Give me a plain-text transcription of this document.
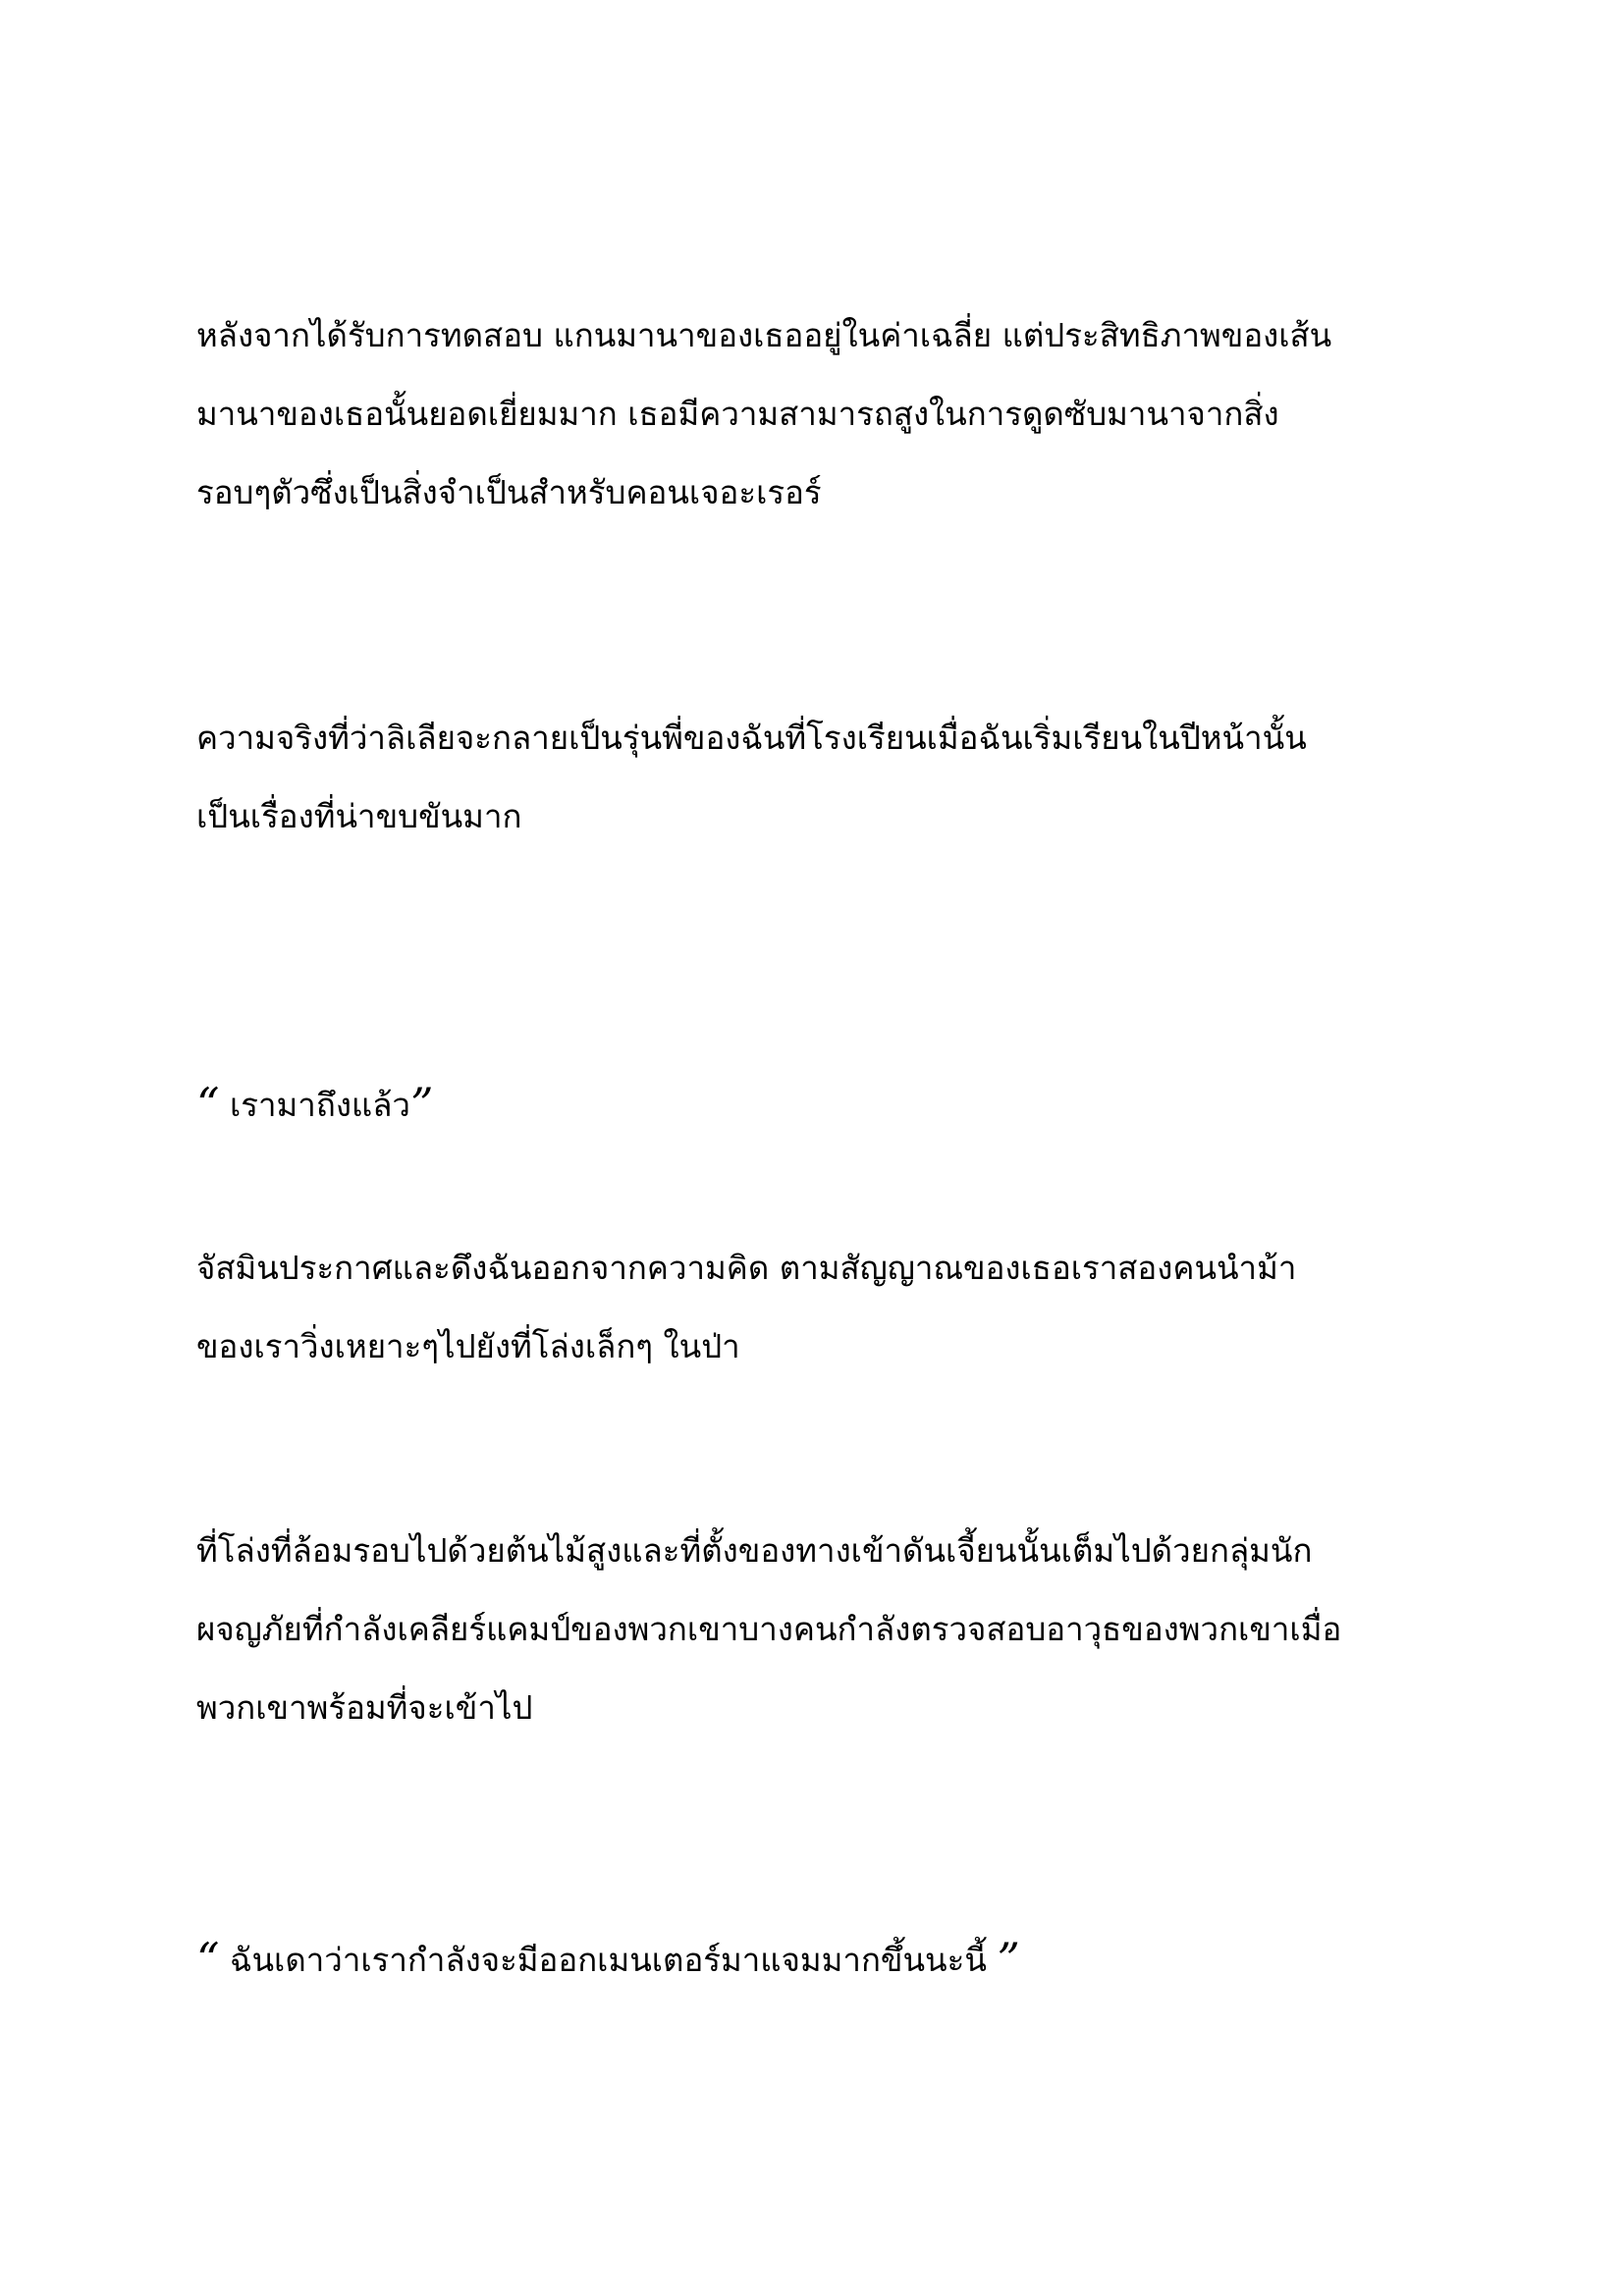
หลังจากได้รับการทดสอบ แกนมานาของเธออยู่ในค่าเฉลี่ย แต่ประสิทธิภาพของเส้น
มานาของเธอนั้นยอดเยี่ยมมาก เธอมีความสามารถสูงในการดูดซับมานาจากสิ่ง
รอบๆตัวซึ่งเป็นสิ่งจำเป็นสำหรับคอนเจอะเรอร์

ความจริงที่ว่าลิเลียจะกลายเป็นรุ่นพี่ของฉันที่โรงเรียนเมื่อฉันเริ่มเรียนในปีหน้านั้น
เป็นเรื่องที่น่าขบขันมาก

“ เรามาถึงแล้ว”

จัสมินประกาศและดึงฉันออกจากความคิด ตามสัญญาณของเธอเราสองคนนำม้า
ของเราวิ่งเหยาะๆไปยังที่โล่งเล็กๆ ในป่า

ที่โล่งที่ล้อมรอบไปด้วยต้นไม้สูงและที่ตั้งของทางเข้าดันเจี้ยนนั้นเต็มไปด้วยกลุ่มนัก
ผจญภัยที่กำลังเคลียร์แคมป์ของพวกเขาบางคนกำลังตรวจสอบอาวุธของพวกเขาเมื่อ
พวกเขาพร้อมที่จะเข้าไป

“ ฉันเดาว่าเรากำลังจะมีออกเมนเตอร์มาแจมมากขึ้นนะนี้ ”
